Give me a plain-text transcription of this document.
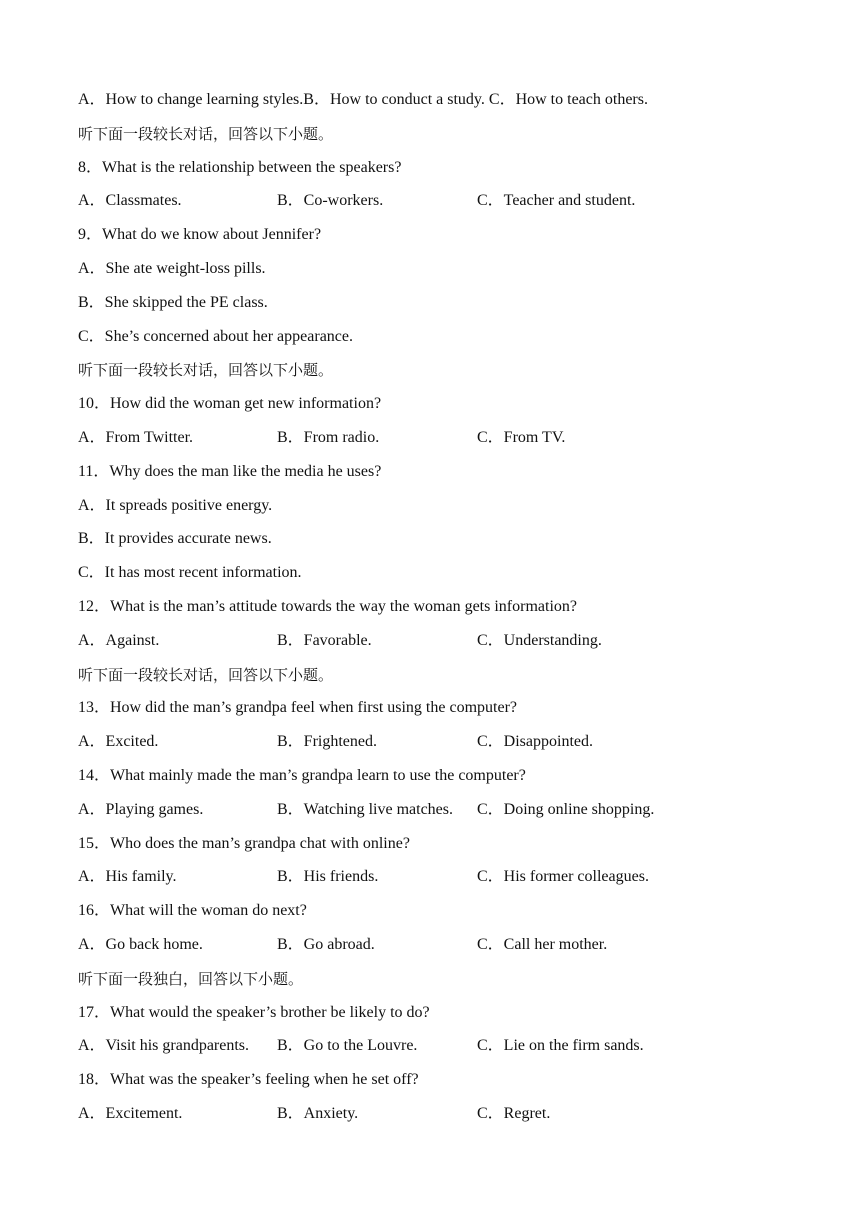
A．How to change learning styles.B．How to conduct a study. C．How to teach others.
听下面一段较长对话，回答以下小题。
8．What is the relationship between the speakers?
A．Classmates.	B．Co-workers.	C．Teacher and student.
9．What do we know about Jennifer?
A．She ate weight-loss pills.
B．She skipped the PE class.
C．She’s concerned about her appearance.
听下面一段较长对话，回答以下小题。
10．How did the woman get new information?
A．From Twitter.	B．From radio.	C．From TV.
11．Why does the man like the media he uses?
A．It spreads positive energy.
B．It provides accurate news.
C．It has most recent information.
12．What is the man’s attitude towards the way the woman gets information?
A．Against.	B．Favorable.	C．Understanding.
听下面一段较长对话，回答以下小题。
13．How did the man’s grandpa feel when first using the computer?
A．Excited.	B．Frightened.	C．Disappointed.
14．What mainly made the man’s grandpa learn to use the computer?
A．Playing games.	B．Watching live matches. C．Doing online shopping.
15．Who does the man’s grandpa chat with online?
A．His family.	B．His friends.	C．His former colleagues.
16．What will the woman do next?
A．Go back home.	B．Go abroad.	C．Call her mother.
听下面一段独白，回答以下小题。
17．What would the speaker’s brother be likely to do?
A．Visit his grandparents. B．Go to the Louvre.	C．Lie on the firm sands.
18．What was the speaker’s feeling when he set off?
A．Excitement.	B．Anxiety.	C．Regret.
